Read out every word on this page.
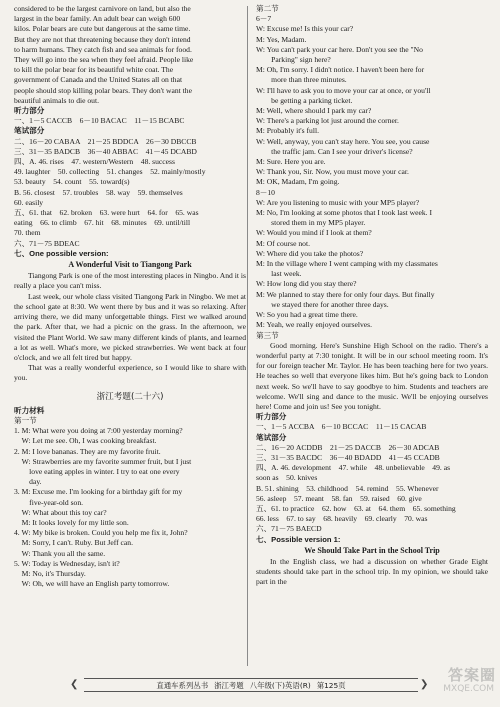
considered to be the largest carnivore on land, but also the
largest in the bear family. An adult bear can weigh 600
kilos. Polar bears are cute but dangerous at the same time.
But they are not that threatening because they don't intend
to harm humans. They catch fish and sea animals for food.
They will go into the sea when they feel afraid. People like
to kill the polar bear for its beautiful white coat. The
government of Canada and the United States all on that
people should stop killing polar bears. They don't want the
beautiful animals to die out.
听力部分
一、1－5 CACCB　6－10 BACAC　11－15 BCABC
笔试部分
二、16－20 CABAA　21－25 BDDCA　26－30 DBCCB
三、31－35 BADCB　36－40 ABBAC　41－45 DCABD
四、A. 46. rises　47. western/Western　48. success
49. laughter　50. collecting　51. changes　52. mainly/mostly
53. beauty　54. count　55. toward(s)
B. 56. closest　57. troubles　58. way　59. themselves
60. easily
五、61. that　62. broken　63. were hurt　64. for　65. was
eating　66. to climb　67. hit　68. minutes　69. until/till
70. them
六、71－75 BDEAC
七、One possible version:
A Wonderful Visit to Tiangong Park
Tiangong Park is one of the most interesting places in Ningbo. And it is really a place you can't miss.
Last week, our whole class visited Tiangong Park in Ningbo. We met at the school gate at 8:30. We went there by bus and it was so relaxing. After arriving there, we did many unforgettable things. First we walked around the park. After that, we had a picnic on the grass. In the afternoon, we visited the Plant World. We saw many different kinds of plants, and learned a lot as well. What's more, we picked strawberries. We went back at four o'clock, and we all felt tired but happy.
That was a really wonderful experience, so I would like to share with you.
浙江考题(二十六)
听力材料
第一节
1. M: What were you doing at 7:00 yesterday morning?
　W: Let me see. Oh, I was cooking breakfast.
2. M: I love bananas. They are my favorite fruit.
　W: Strawberries are my favorite summer fruit, but I just
　　love eating apples in winter. I try to eat one every
　　day.
3. M: Excuse me. I'm looking for a birthday gift for my
　　five-year-old son.
　W: What about this toy car?
　M: It looks lovely for my little son.
4. W: My bike is broken. Could you help me fix it, John?
　M: Sorry, I can't. Ruby. But Jeff can.
　W: Thank you all the same.
5. W: Today is Wednesday, isn't it?
　M: No, it's Thursday.
　W: Oh, we will have an English party tomorrow.
第二节
6－7
W: Excuse me! Is this your car?
M: Yes, Madam.
W: You can't park your car here. Don't you see the "No
　　Parking" sign here?
M: Oh, I'm sorry. I didn't notice. I haven't been here for
　　more than three minutes.
W: I'll have to ask you to move your car at once, or you'll
　　be getting a parking ticket.
M: Well, where should I park my car?
W: There's a parking lot just around the corner.
M: Probably it's full.
W: Well, anyway, you can't stay here. You see, you cause
　　the traffic jam. Can I see your driver's license?
M: Sure. Here you are.
W: Thank you, Sir. Now, you must move your car.
M: OK, Madam, I'm going.
8－10
W: Are you listening to music with your MP5 player?
M: No, I'm looking at some photos that I took last week. I
　　stored them in my MP5 player.
W: Would you mind if I look at them?
M: Of course not.
W: Where did you take the photos?
M: In the village where I went camping with my classmates
　　last week.
W: How long did you stay there?
M: We planned to stay there for only four days. But finally
　　we stayed there for another three days.
W: So you had a great time there.
M: Yeah, we really enjoyed ourselves.
第三节
Good morning. Here's Sunshine High School on the radio. There's a wonderful party at 7:30 tonight. It will be in our school meeting room. It's for our foreign teacher Mr. Taylor. He has been teaching here for two years. He teaches so well that everyone likes him. But he's going back to London next week. So we'll have to say goodbye to him. Students and teachers are welcome. We'll sing and dance to the music. We'll be enjoying ourselves here! Come and join us! See you tonight.
听力部分
一、1－5 ACCBA　6－10 BCCAC　11－15 CACAB
笔试部分
二、16－20 ACDDB　21－25 DACCB　26－30 ADCAB
三、31－35 BACDC　36－40 BDADD　41－45 CCADB
四、A. 46. development　47. while　48. unbelievable　49. as
soon as　50. knives
B. 51. shining　53. childhood　54. remind　55. Whenever
56. asleep　57. meant　58. fan　59. raised　60. give
五、61. to practice　62. how　63. at　64. them　65. something
66. less　67. to say　68. heavily　69. clearly　70. was
六、71－75 BAECD
七、Possible version 1:
We Should Take Part in the School Trip
In the English class, we had a discussion on whether Grade Eight students should take part in the school trip. In my opinion, we should take part in the
❮	直通车系列丛书 浙江考题 八年级(下)英语(R) 第125页	❯
答案圈
MXQE.COM
